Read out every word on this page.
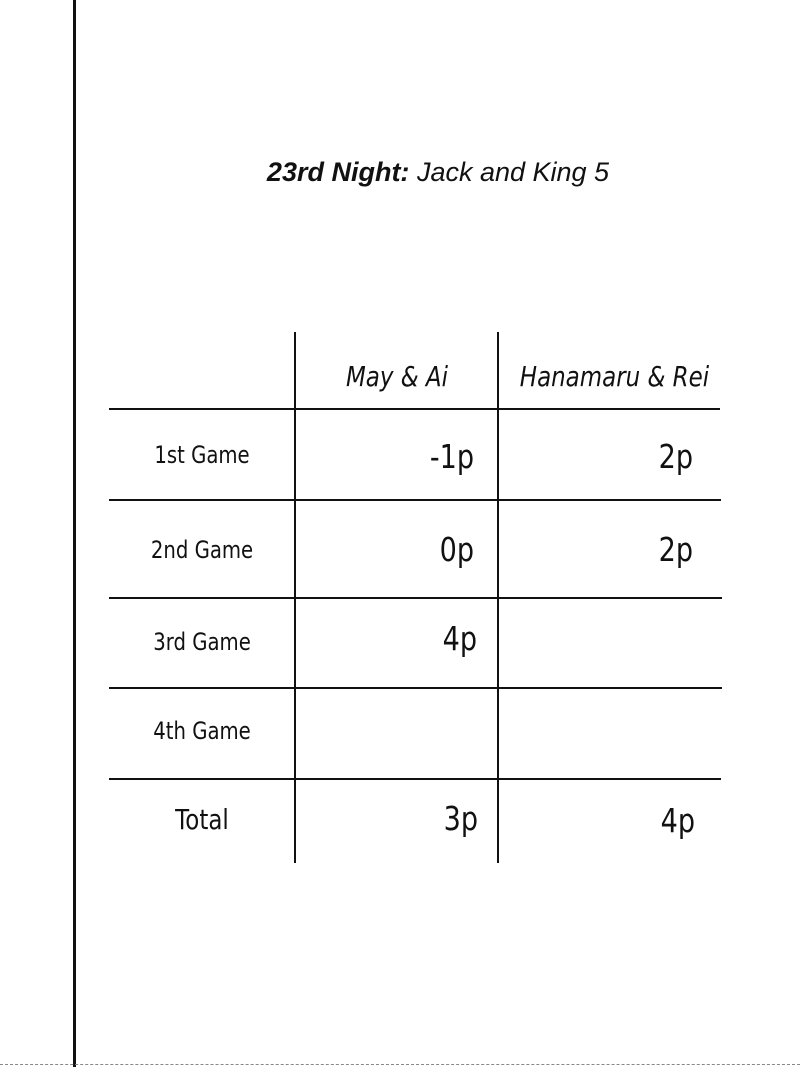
23rd Night: Jack and King 5
May & Ai	Hanamaru & Rei
1st Game
2nd Game
3rd Game
4th Game
Total
-1p
0p
4p
3p
2p
2p
4p
